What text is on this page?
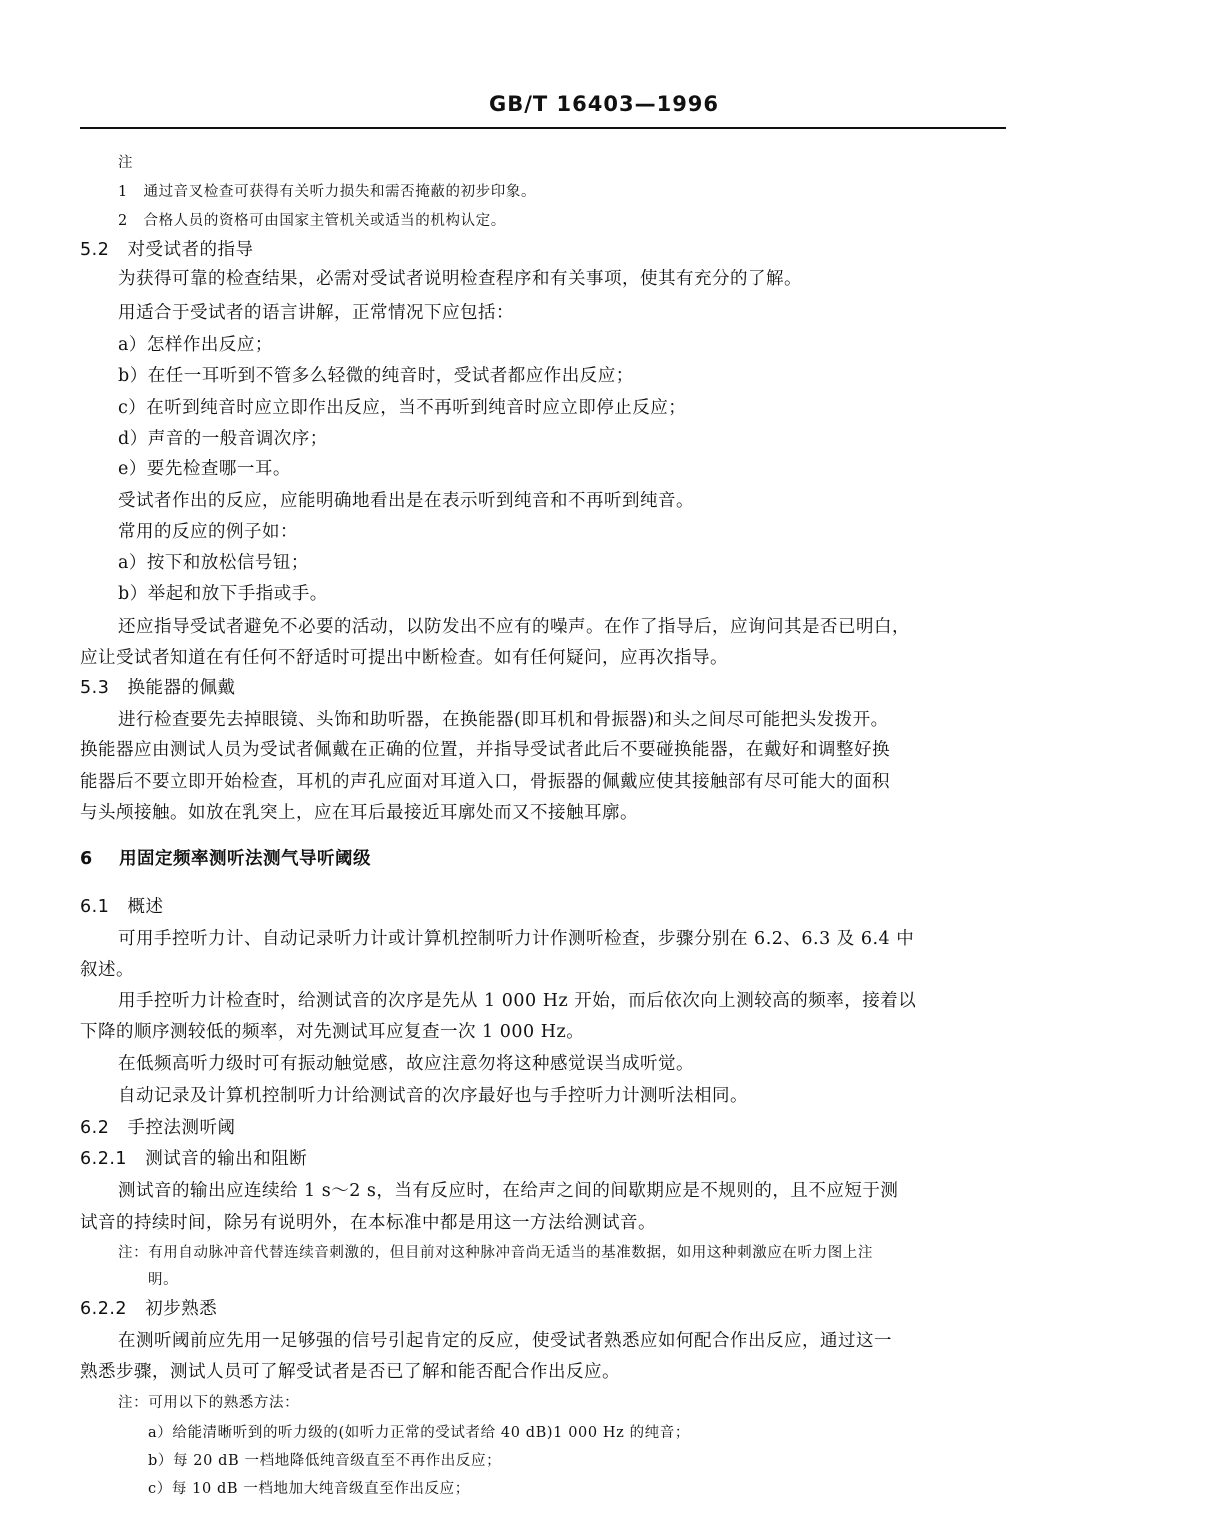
GB/T 16403—1996
注
1 通过音叉检查可获得有关听力损失和需否掩蔽的初步印象。
2 合格人员的资格可由国家主管机关或适当的机构认定。
5.2 对受试者的指导
为获得可靠的检查结果，必需对受试者说明检查程序和有关事项，使其有充分的了解。
用适合于受试者的语言讲解，正常情况下应包括：
a）怎样作出反应；
b）在任一耳听到不管多么轻微的纯音时，受试者都应作出反应；
c）在听到纯音时应立即作出反应，当不再听到纯音时应立即停止反应；
d）声音的一般音调次序；
e）要先检查哪一耳。
受试者作出的反应，应能明确地看出是在表示听到纯音和不再听到纯音。
常用的反应的例子如：
a）按下和放松信号钮；
b）举起和放下手指或手。
还应指导受试者避免不必要的活动，以防发出不应有的噪声。在作了指导后，应询问其是否已明白，
应让受试者知道在有任何不舒适时可提出中断检查。如有任何疑问，应再次指导。
5.3 换能器的佩戴
进行检查要先去掉眼镜、头饰和助听器，在换能器(即耳机和骨振器)和头之间尽可能把头发拨开。
换能器应由测试人员为受试者佩戴在正确的位置，并指导受试者此后不要碰换能器，在戴好和调整好换
能器后不要立即开始检查，耳机的声孔应面对耳道入口，骨振器的佩戴应使其接触部有尽可能大的面积
与头颅接触。如放在乳突上，应在耳后最接近耳廓处而又不接触耳廓。
6 用固定频率测听法测气导听阈级
6.1 概述
可用手控听力计、自动记录听力计或计算机控制听力计作测听检查，步骤分别在 6.2、6.3 及 6.4 中
叙述。
用手控听力计检查时，给测试音的次序是先从 1 000 Hz 开始，而后依次向上测较高的频率，接着以
下降的顺序测较低的频率，对先测试耳应复查一次 1 000 Hz。
在低频高听力级时可有振动触觉感，故应注意勿将这种感觉误当成听觉。
自动记录及计算机控制听力计给测试音的次序最好也与手控听力计测听法相同。
6.2 手控法测听阈
6.2.1 测试音的输出和阻断
测试音的输出应连续给 1 s～2 s，当有反应时，在给声之间的间歇期应是不规则的，且不应短于测
试音的持续时间，除另有说明外，在本标准中都是用这一方法给测试音。
注：有用自动脉冲音代替连续音刺激的，但目前对这种脉冲音尚无适当的基准数据，如用这种刺激应在听力图上注
明。
6.2.2 初步熟悉
在测听阈前应先用一足够强的信号引起肯定的反应，使受试者熟悉应如何配合作出反应，通过这一
熟悉步骤，测试人员可了解受试者是否已了解和能否配合作出反应。
注：可用以下的熟悉方法：
a）给能清晰听到的听力级的(如听力正常的受试者给 40 dB)1 000 Hz 的纯音；
b）每 20 dB 一档地降低纯音级直至不再作出反应；
c）每 10 dB 一档地加大纯音级直至作出反应；
